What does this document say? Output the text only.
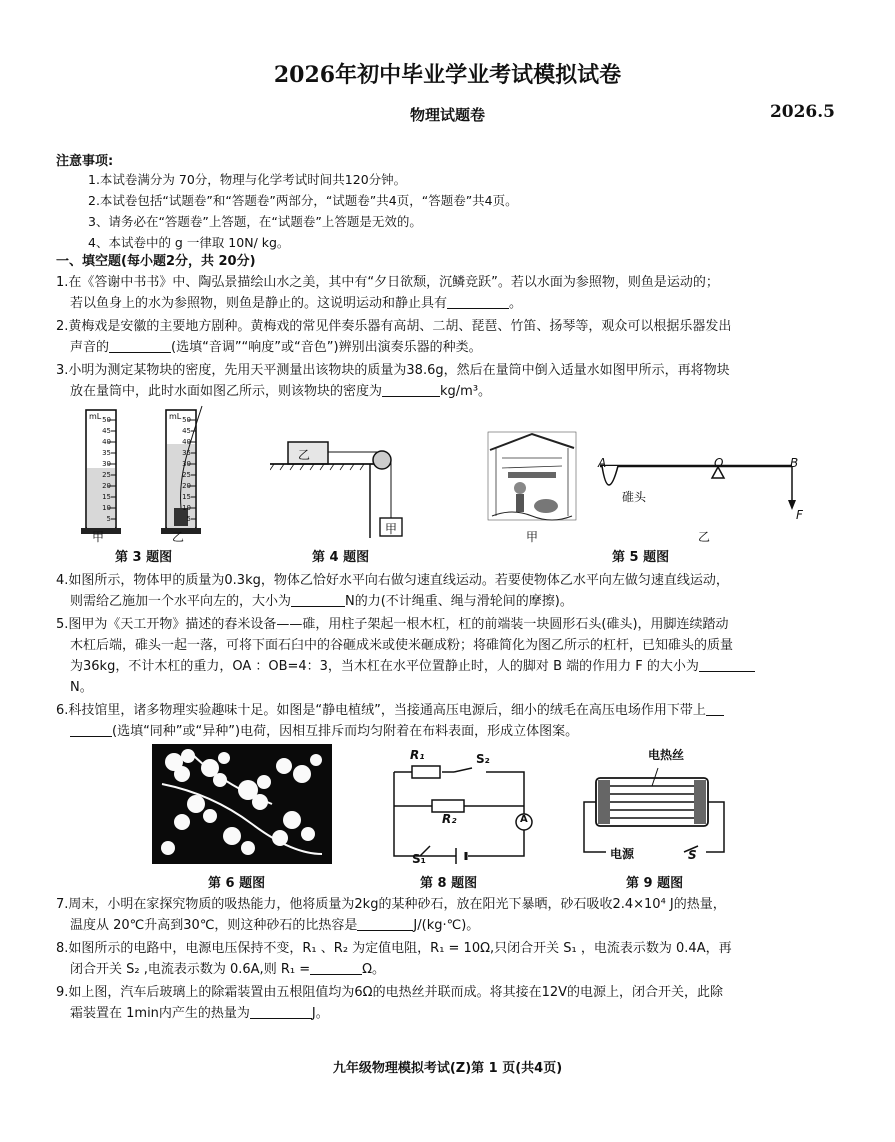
2026年初中毕业学业考试模拟试卷
物理试题卷	2026.5
注意事项:
1.本试卷满分为 70分，物理与化学考试时间共120分钟。
2.本试卷包括“试题卷”和“答题卷”两部分，“试题卷”共4页，“答题卷”共4页。
3、请务必在“答题卷”上答题，在“试题卷”上答题是无效的。
4、本试卷中的 g 一律取 10N/ kg。
一、填空题(每小题2分，共 20分)
1.在《答谢中书书》中、陶弘景描绘山水之美，其中有“夕日欲颓，沉鳞竞跃”。若以水面为参照物，则鱼是运动的；
若以鱼身上的水为参照物，则鱼是静止的。这说明运动和静止具有	。
2.黄梅戏是安徽的主要地方剧种。黄梅戏的常见伴奏乐器有高胡、二胡、琵琶、竹笛、扬琴等，观众可以根据乐器发出
声音的	(选填“音调”“响度”或“音色”)辨别出演奏乐器的种类。
3.小明为测定某物块的密度，先用天平测量出该物块的质量为38.6g，然后在量筒中倒入适量水如图甲所示，再将物块
放在量筒中，此时水面如图乙所示，则该物块的密度为	kg/m³。
mL	mL
50
45
40
35
30
25
20
15
10
5
50
45
40
35
30
25
20
15
10
5
甲	乙
第 3 题图
乙
甲
第 4 题图
甲
A	O	B
碓头
F
乙
第 5 题图
4.如图所示，物体甲的质量为0.3kg，物体乙恰好水平向右做匀速直线运动。若要使物体乙水平向左做匀速直线运动，
则需给乙施加一个水平向左的，大小为	N的力(不计绳重、绳与滑轮间的摩擦)。
5.图甲为《天工开物》描述的舂米设备——碓，用柱子架起一根木杠，杠的前端装一块圆形石头(碓头)，用脚连续踏动
木杠后端，碓头一起一落，可将下面石臼中的谷砸成米或使米砸成粉；将碓简化为图乙所示的杠杆，已知碓头的质量
为36kg，不计木杠的重力，OA ：OB=4：3，当木杠在水平位置静止时，人的脚对 B 端的作用力 F 的大小为
N。
6.科技馆里，诸多物理实验趣味十足。如图是“静电植绒”，当接通高压电源后，细小的绒毛在高压电场作用下带上
(选填“同种”或“异种”)电荷，因相互排斥而均匀附着在布料表面，形成立体图案。
第 6 题图
R₁	S₂
R₂	A
S₁
第 8 题图
电热丝
电源	S
第 9 题图
7.周末，小明在家探究物质的吸热能力，他将质量为2kg的某种砂石，放在阳光下暴晒，砂石吸收2.4×10⁴ J的热量，
温度从 20℃升高到30℃，则这种砂石的比热容是	J/(kg·℃)。
8.如图所示的电路中，电源电压保持不变，R₁ 、R₂ 为定值电阻，R₁ = 10Ω,只闭合开关 S₁ ，电流表示数为 0.4A，再
闭合开关 S₂ ,电流表示数为 0.6A,则 R₁ =	Ω。
9.如上图，汽车后玻璃上的除霜装置由五根阻值均为6Ω的电热丝并联而成。将其接在12V的电源上，闭合开关，此除
霜装置在 1min内产生的热量为	J。
九年级物理模拟考试(Z)第 1 页(共4页)
